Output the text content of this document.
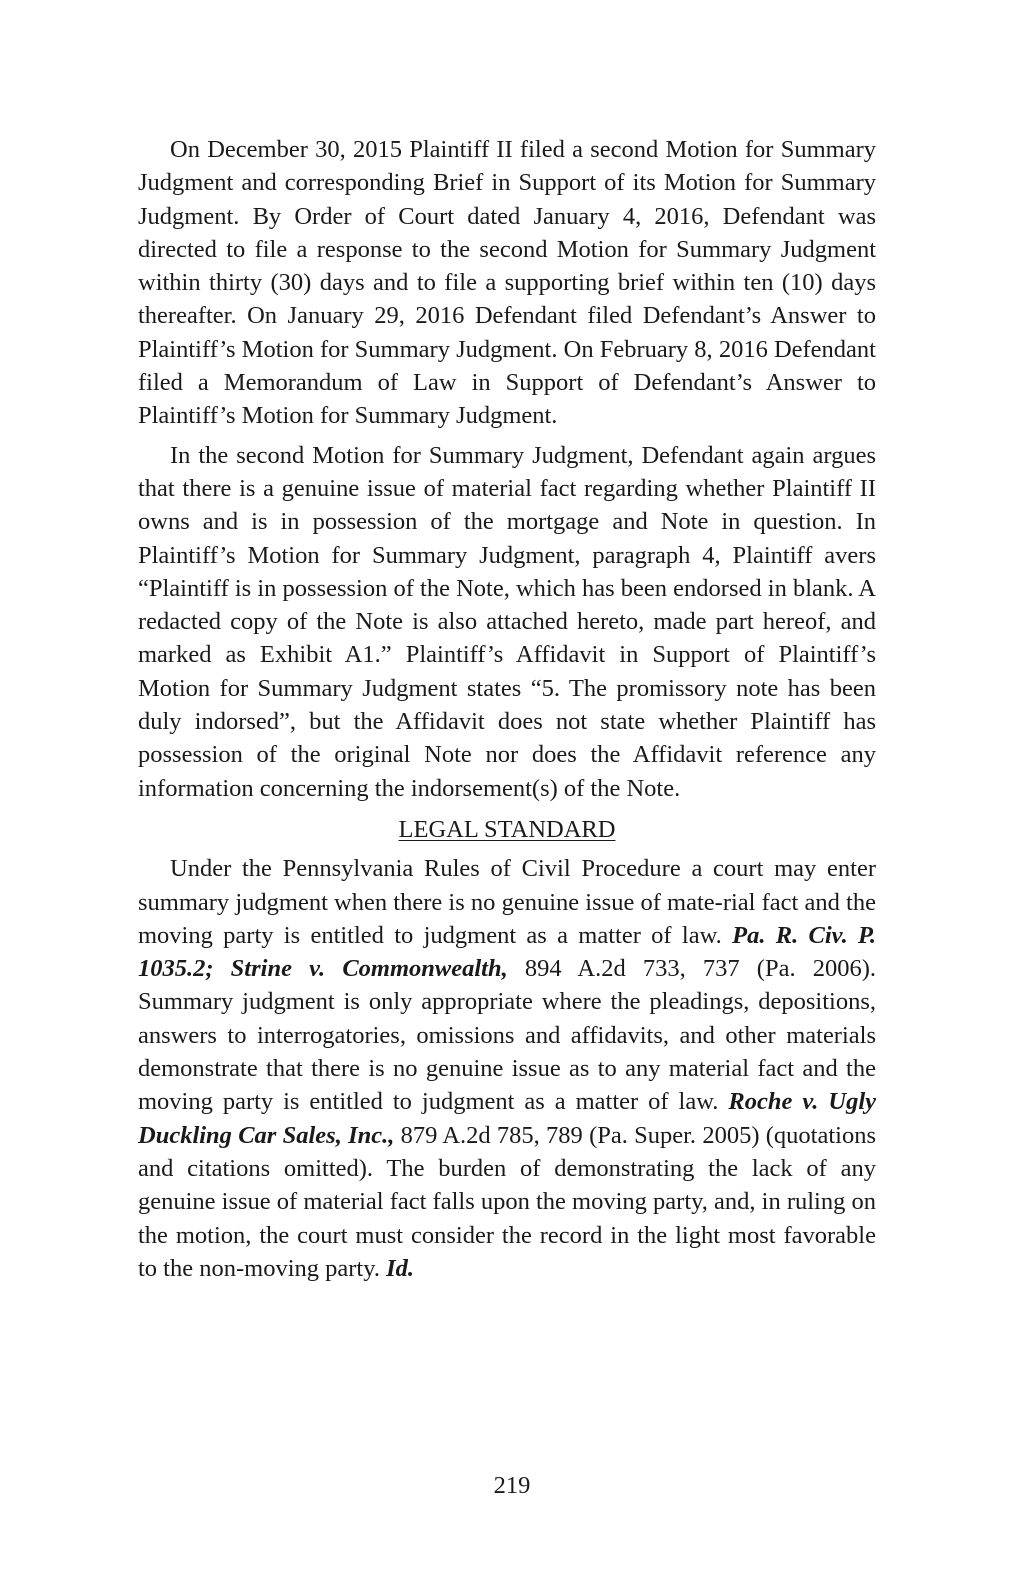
On December 30, 2015 Plaintiff II filed a second Motion for Summary Judgment and corresponding Brief in Support of its Motion for Summary Judgment. By Order of Court dated January 4, 2016, Defendant was directed to file a response to the second Motion for Summary Judgment within thirty (30) days and to file a supporting brief within ten (10) days thereafter. On January 29, 2016 Defendant filed Defendant’s Answer to Plaintiff’s Motion for Summary Judgment. On February 8, 2016 Defendant filed a Memorandum of Law in Support of Defendant’s Answer to Plaintiff’s Motion for Summary Judgment.

In the second Motion for Summary Judgment, Defendant again argues that there is a genuine issue of material fact regarding whether Plaintiff II owns and is in possession of the mortgage and Note in question. In Plaintiff’s Motion for Summary Judgment, paragraph 4, Plaintiff avers “Plaintiff is in possession of the Note, which has been endorsed in blank. A redacted copy of the Note is also attached hereto, made part hereof, and marked as Exhibit A1.” Plaintiff’s Affidavit in Support of Plaintiff’s Motion for Summary Judgment states “5. The promissory note has been duly indorsed”, but the Affidavit does not state whether Plaintiff has possession of the original Note nor does the Affidavit reference any information concerning the indorsement(s) of the Note.

LEGAL STANDARD

Under the Pennsylvania Rules of Civil Procedure a court may enter summary judgment when there is no genuine issue of mate-rial fact and the moving party is entitled to judgment as a matter of law. Pa. R. Civ. P. 1035.2; Strine v. Commonwealth, 894 A.2d 733, 737 (Pa. 2006). Summary judgment is only appropriate where the pleadings, depositions, answers to interrogatories, omissions and affidavits, and other materials demonstrate that there is no genuine issue as to any material fact and the moving party is entitled to judgment as a matter of law. Roche v. Ugly Duckling Car Sales, Inc., 879 A.2d 785, 789 (Pa. Super. 2005) (quotations and citations omitted). The burden of demonstrating the lack of any genuine issue of material fact falls upon the moving party, and, in ruling on the motion, the court must consider the record in the light most favorable to the non-moving party. Id.

219
